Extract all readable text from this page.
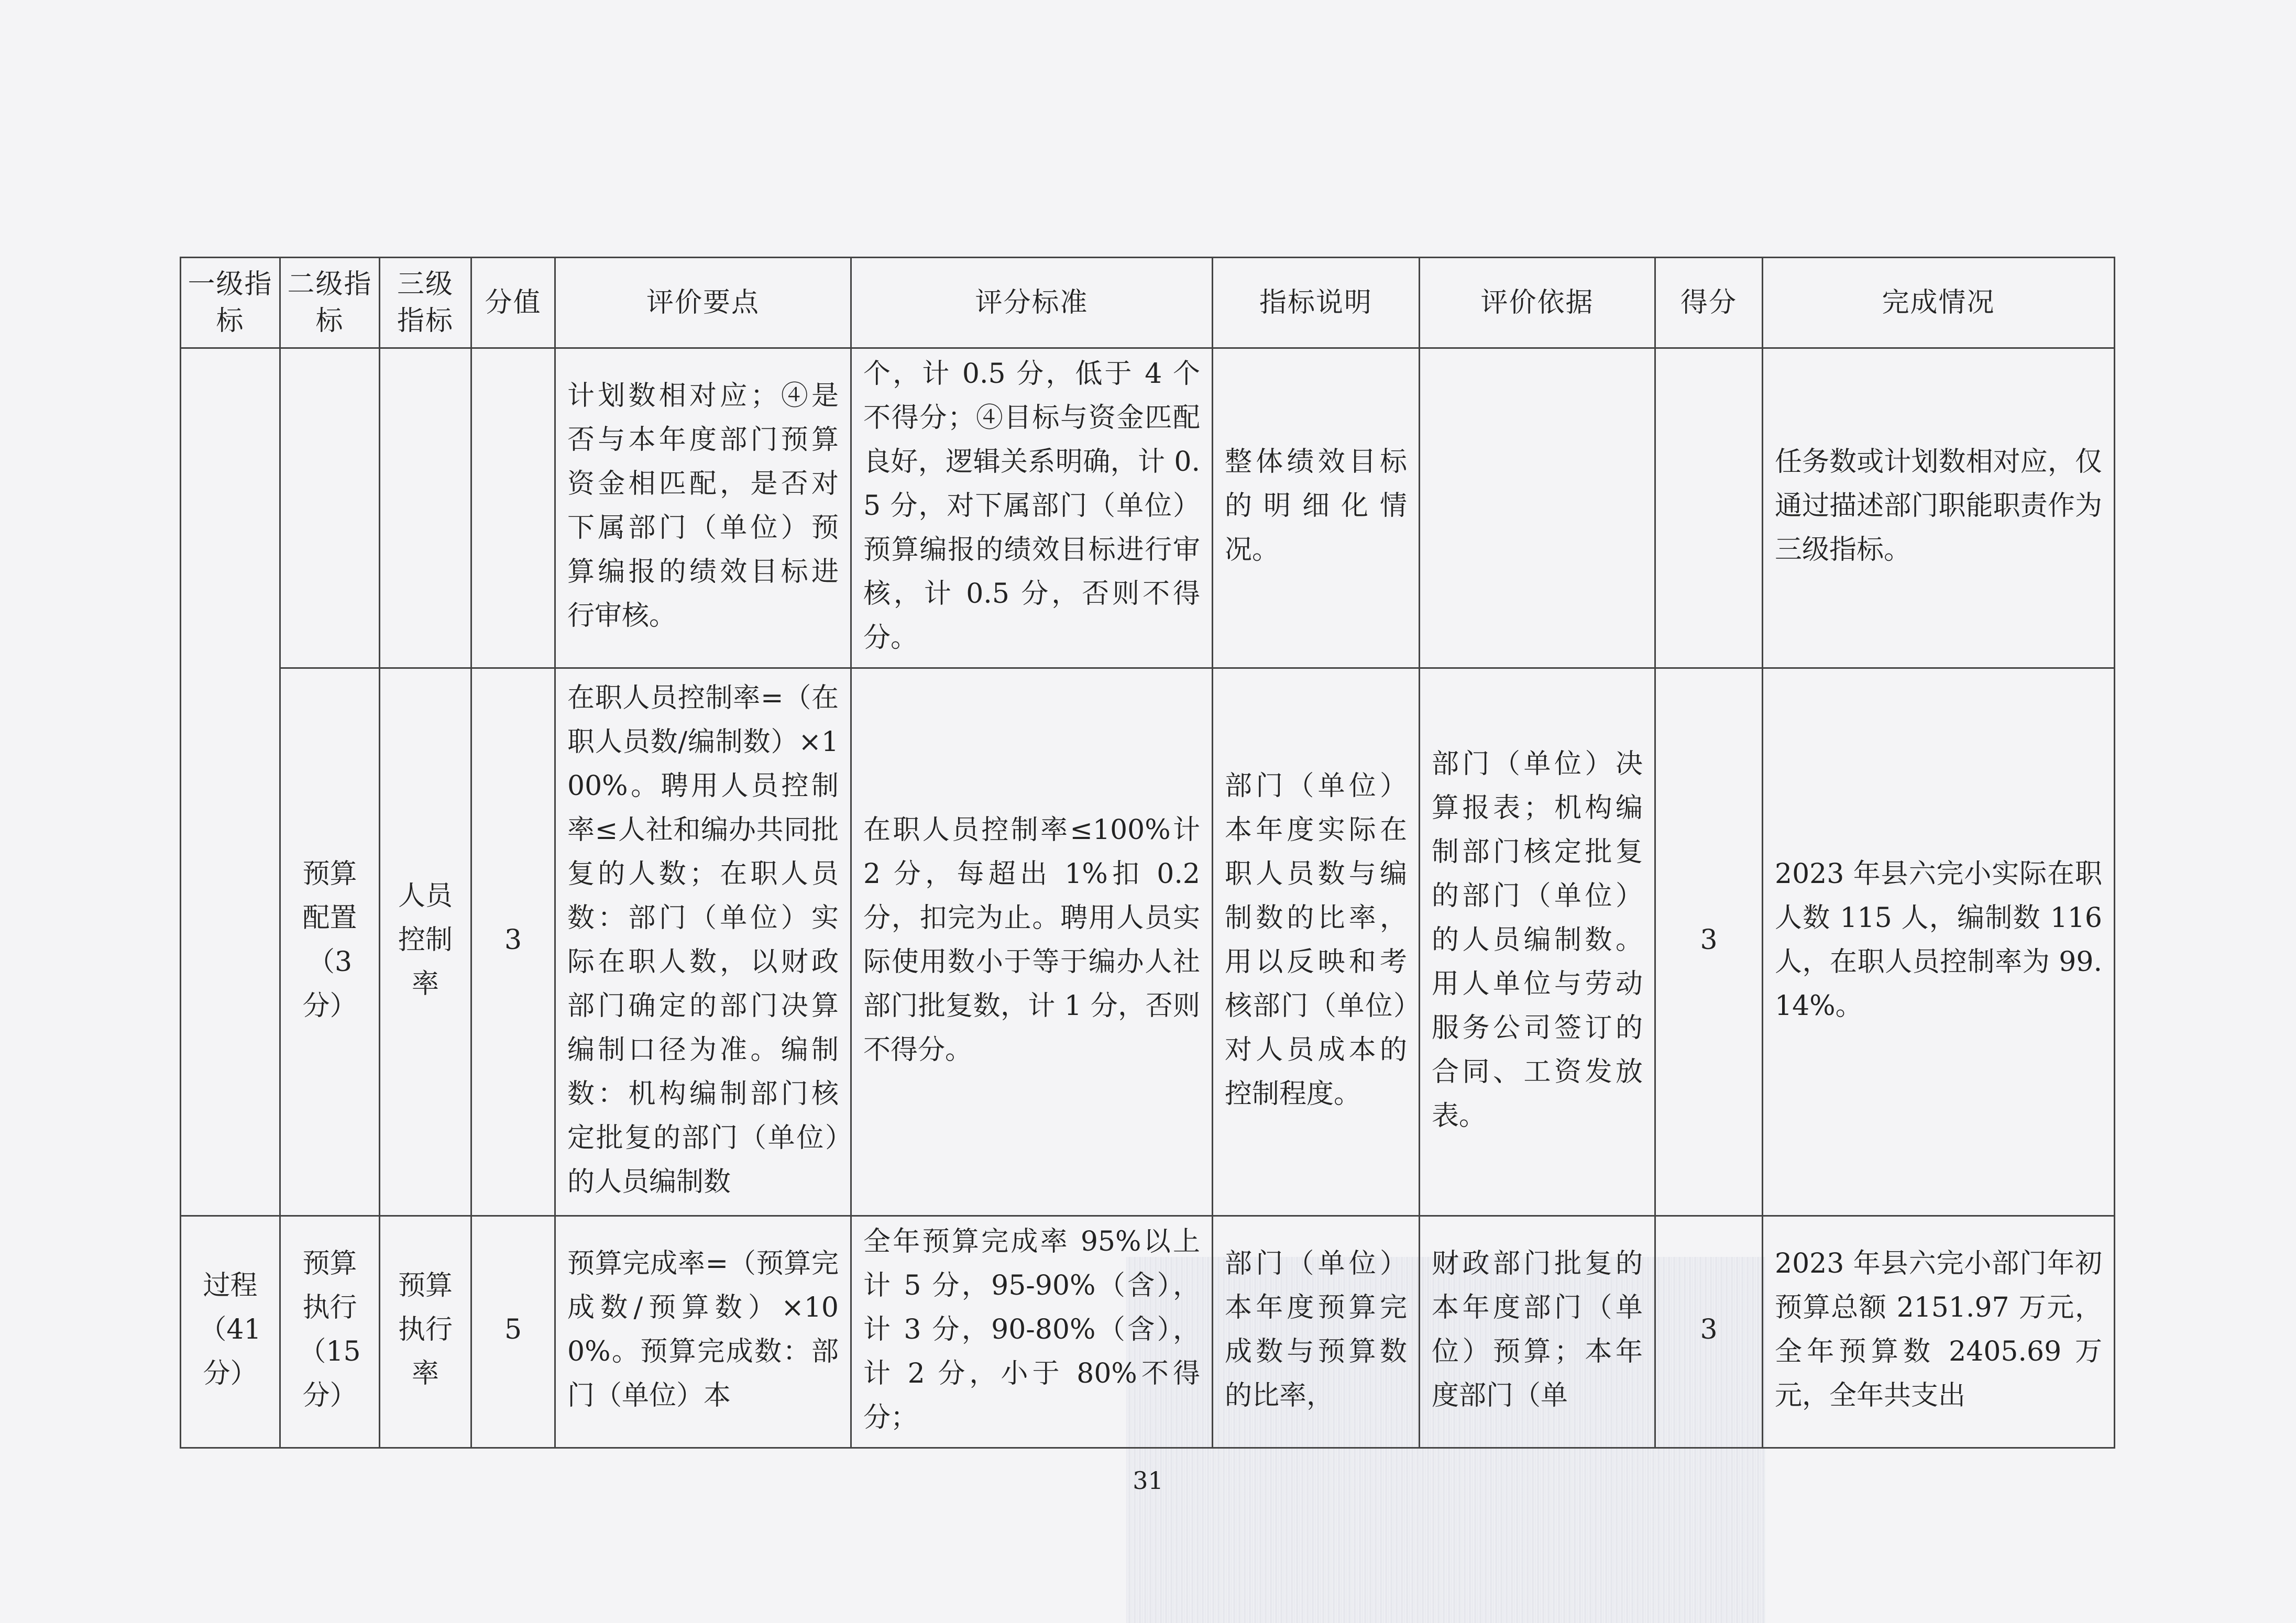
一级指标	二级指标	三级指标	分值	评价要点	评分标准	指标说明	评价依据	得分	完成情况
				计划数相对应；④是否与本年度部门预算资金相匹配，是否对下属部门（单位）预算编报的绩效目标进行审核。	个，计 0.5 分，低于 4 个不得分；④目标与资金匹配良好，逻辑关系明确，计 0.5 分，对下属部门（单位）预算编报的绩效目标进行审核，计 0.5 分，否则不得分。	整体绩效目标的明细化情况。			任务数或计划数相对应，仅通过描述部门职能职责作为三级指标。
	预算配置（3分）	人员控制率	3	在职人员控制率=（在职人员数/编制数）×100%。聘用人员控制率≤人社和编办共同批复的人数；在职人员数：部门（单位）实际在职人数，以财政部门确定的部门决算编制口径为准。编制数：机构编制部门核定批复的部门（单位）的人员编制数	在职人员控制率≤100%计 2 分，每超出 1%扣 0.2 分，扣完为止。聘用人员实际使用数小于等于编办人社部门批复数，计 1 分，否则不得分。	部门（单位）本年度实际在职人员数与编制数的比率，用以反映和考核部门（单位）对人员成本的控制程度。	部门（单位）决算报表；机构编制部门核定批复的部门（单位）的人员编制数。用人单位与劳动服务公司签订的合同、工资发放表。	3	2023 年县六完小实际在职人数 115 人，编制数 116 人，在职人员控制率为 99.14%。
过程（41分）	预算执行（15分）	预算执行率	5	预算完成率=（预算完成数/预算数）×100%。预算完成数：部门（单位）本	全年预算完成率 95%以上计 5 分，95-90%（含），计 3 分，90-80%（含），计 2 分，小于 80%不得分；	部门（单位）本年度预算完成数与预算数的比率，	财政部门批复的本年度部门（单位）预算；本年度部门（单	3	2023 年县六完小部门年初预算总额 2151.97 万元，全年预算数 2405.69 万元，全年共支出
31
